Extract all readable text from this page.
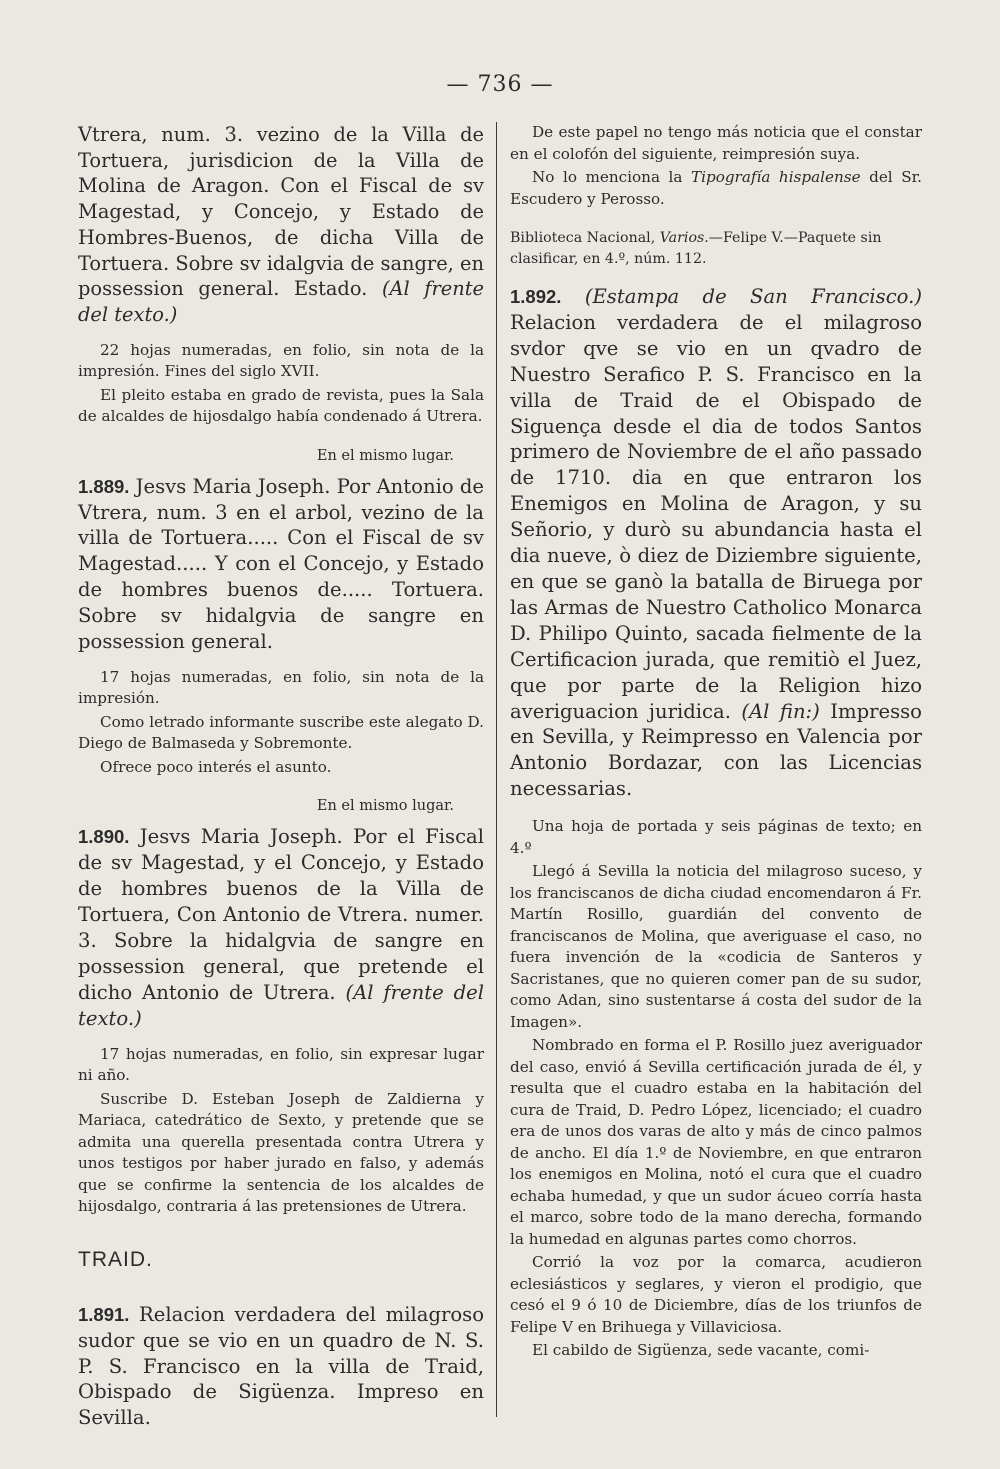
— 736 —

Vtrera, num. 3. vezino de la Villa de Tortuera, jurisdicion de la Villa de Molina de Aragon. Con el Fiscal de sv Magestad, y Concejo, y Estado de Hombres-Buenos, de dicha Villa de Tortuera. Sobre sv idalgvia de sangre, en possession general. Estado. (Al frente del texto.)

22 hojas numeradas, en folio, sin nota de la impresión. Fines del siglo XVII.

El pleito estaba en grado de revista, pues la Sala de alcaldes de hijosdalgo había condenado á Utrera.

En el mismo lugar.

1.889. Jesvs Maria Joseph. Por Antonio de Vtrera, num. 3 en el arbol, vezino de la villa de Tortuera..... Con el Fiscal de sv Magestad..... Y con el Concejo, y Estado de hombres buenos de..... Tortuera. Sobre sv hidalgvia de sangre en possession general.

17 hojas numeradas, en folio, sin nota de la impresión.

Como letrado informante suscribe este alegato D. Diego de Balmaseda y Sobremonte.

Ofrece poco interés el asunto.

En el mismo lugar.

1.890. Jesvs Maria Joseph. Por el Fiscal de sv Magestad, y el Concejo, y Estado de hombres buenos de la Villa de Tortuera, Con Antonio de Vtrera. numer. 3. Sobre la hidalgvia de sangre en possession general, que pretende el dicho Antonio de Utrera. (Al frente del texto.)

17 hojas numeradas, en folio, sin expresar lugar ni año.

Suscribe D. Esteban Joseph de Zaldierna y Mariaca, catedrático de Sexto, y pretende que se admita una querella presentada contra Utrera y unos testigos por haber jurado en falso, y además que se confirme la sentencia de los alcaldes de hijosdalgo, contraria á las pretensiones de Utrera.

TRAID.

1.891. Relacion verdadera del milagroso sudor que se vio en un quadro de N. S. P. S. Francisco en la villa de Traid, Obispado de Sigüenza. Impreso en Sevilla.

De este papel no tengo más noticia que el constar en el colofón del siguiente, reimpresión suya.

No lo menciona la Tipografía hispalense del Sr. Escudero y Perosso.

Biblioteca Nacional, Varios.—Felipe V.—Paquete sin clasificar, en 4.º, núm. 112.

1.892. (Estampa de San Francisco.) Relacion verdadera de el milagroso svdor qve se vio en un qvadro de Nuestro Serafico P. S. Francisco en la villa de Traid de el Obispado de Siguença desde el dia de todos Santos primero de Noviembre de el año passado de 1710. dia en que entraron los Enemigos en Molina de Aragon, y su Señorio, y durò su abundancia hasta el dia nueve, ò diez de Diziembre siguiente, en que se ganò la batalla de Biruega por las Armas de Nuestro Catholico Monarca D. Philipo Quinto, sacada fielmente de la Certificacion jurada, que remitiò el Juez, que por parte de la Religion hizo averiguacion juridica. (Al fin:) Impresso en Sevilla, y Reimpresso en Valencia por Antonio Bordazar, con las Licencias necessarias.

Una hoja de portada y seis páginas de texto; en 4.º

Llegó á Sevilla la noticia del milagroso suceso, y los franciscanos de dicha ciudad encomendaron á Fr. Martín Rosillo, guardián del convento de franciscanos de Molina, que averiguase el caso, no fuera invención de la «codicia de Santeros y Sacristanes, que no quieren comer pan de su sudor, como Adan, sino sustentarse á costa del sudor de la Imagen».

Nombrado en forma el P. Rosillo juez averiguador del caso, envió á Sevilla certificación jurada de él, y resulta que el cuadro estaba en la habitación del cura de Traid, D. Pedro López, licenciado; el cuadro era de unos dos varas de alto y más de cinco palmos de ancho. El día 1.º de Noviembre, en que entraron los enemigos en Molina, notó el cura que el cuadro echaba humedad, y que un sudor ácueo corría hasta el marco, sobre todo de la mano derecha, formando la humedad en algunas partes como chorros.

Corrió la voz por la comarca, acudieron eclesiásticos y seglares, y vieron el prodigio, que cesó el 9 ó 10 de Diciembre, días de los triunfos de Felipe V en Brihuega y Villaviciosa.

El cabildo de Sigüenza, sede vacante, comi-
